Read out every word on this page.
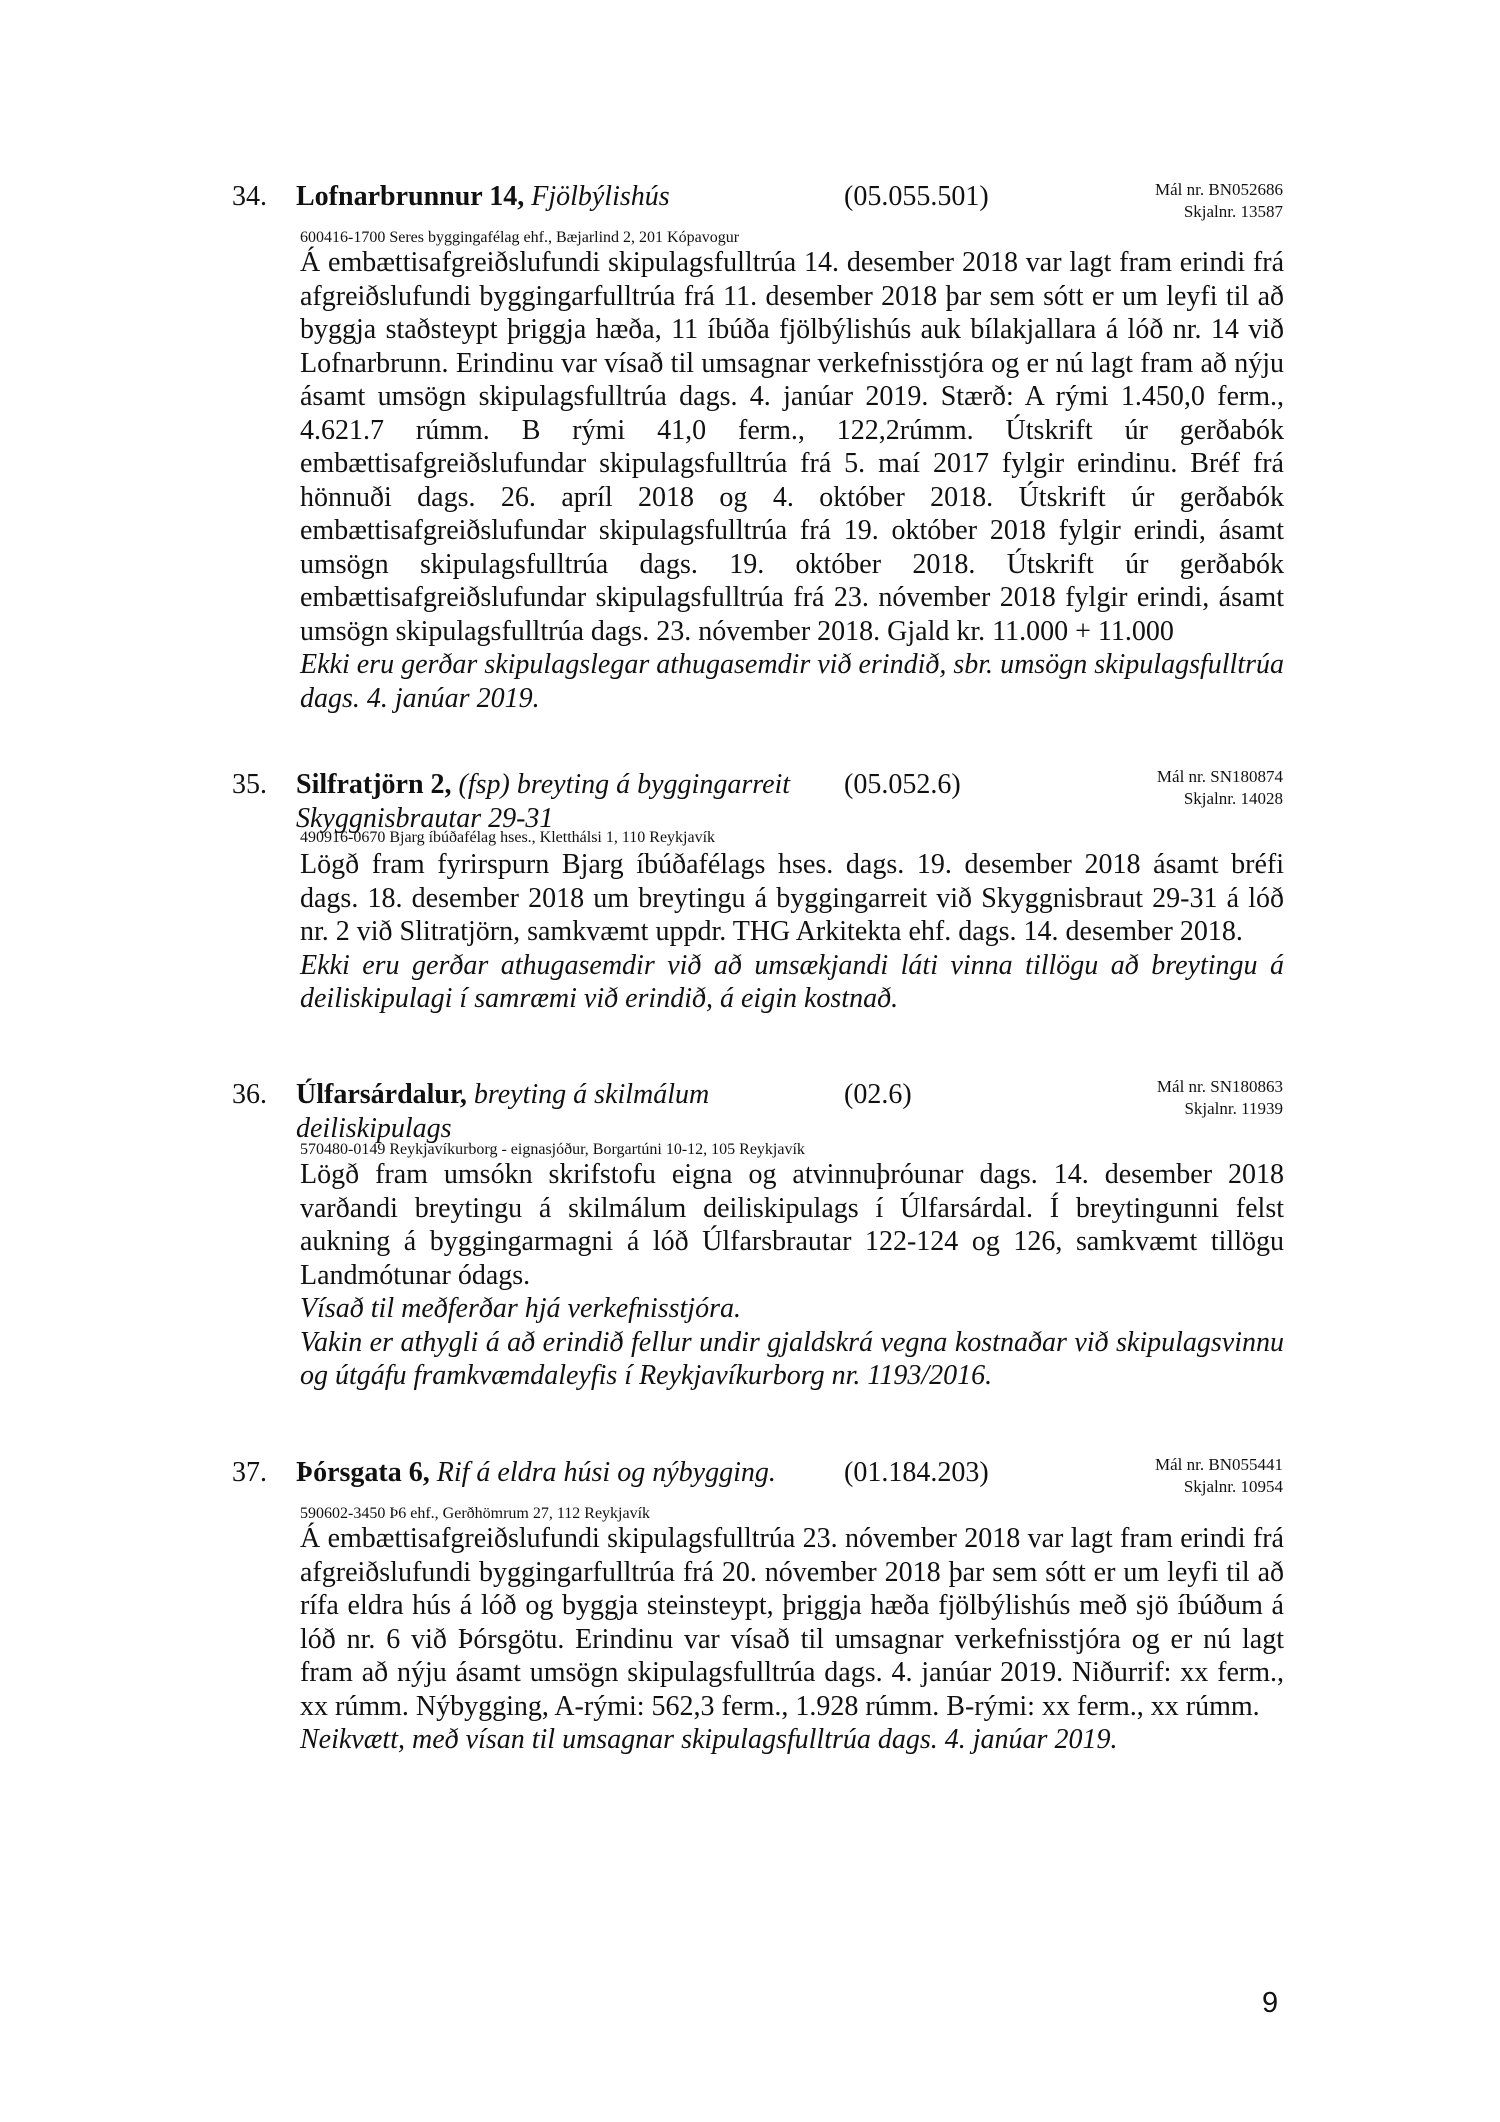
34. Lofnarbrunnur 14, Fjölbýlishús	(05.055.501)	Mál nr. BN052686
Skjalnr. 13587
600416-1700 Seres byggingafélag ehf., Bæjarlind 2, 201 Kópavogur

Á embættisafgreiðslufundi skipulagsfulltrúa 14. desember 2018 var lagt fram erindi frá afgreiðslufundi byggingarfulltrúa frá 11. desember 2018 þar sem sótt er um leyfi til að byggja staðsteypt þriggja hæða, 11 íbúða fjölbýlishús auk bílakjallara á lóð nr. 14 við Lofnarbrunn. Erindinu var vísað til umsagnar verkefnisstjóra og er nú lagt fram að nýju ásamt umsögn skipulagsfulltrúa dags. 4. janúar 2019. Stærð: A rými 1.450,0 ferm., 4.621.7 rúmm. B rými 41,0 ferm., 122,2rúmm. Útskrift úr gerðabók embættisafgreiðslufundar skipulagsfulltrúa frá 5. maí 2017 fylgir erindinu. Bréf frá hönnuði dags. 26. apríl 2018 og 4. október 2018. Útskrift úr gerðabók embættisafgreiðslufundar skipulagsfulltrúa frá 19. október 2018 fylgir erindi, ásamt umsögn skipulagsfulltrúa dags. 19. október 2018. Útskrift úr gerðabók embættisafgreiðslufundar skipulagsfulltrúa frá 23. nóvember 2018 fylgir erindi, ásamt umsögn skipulagsfulltrúa dags. 23. nóvember 2018. Gjald kr. 11.000 + 11.000

Ekki eru gerðar skipulagslegar athugasemdir við erindið, sbr. umsögn skipulagsfulltrúa dags. 4. janúar 2019.

35. Silfratjörn 2, (fsp) breyting á byggingarreit Skyggnisbrautar 29-31
(05.052.6)	Mál nr. SN180874
Skjalnr. 14028
490916-0670 Bjarg íbúðafélag hses., Kletthálsi 1, 110 Reykjavík

Lögð fram fyrirspurn Bjarg íbúðafélags hses. dags. 19. desember 2018 ásamt bréfi dags. 18. desember 2018 um breytingu á byggingarreit við Skyggnisbraut 29-31 á lóð nr. 2 við Slitratjörn, samkvæmt uppdr. THG Arkitekta ehf. dags. 14. desember 2018.

Ekki eru gerðar athugasemdir við að umsækjandi láti vinna tillögu að breytingu á deiliskipulagi í samræmi við erindið, á eigin kostnað.

36. Úlfarsárdalur, breyting á skilmálum deiliskipulags
(02.6)	Mál nr. SN180863
Skjalnr. 11939
570480-0149 Reykjavíkurborg - eignasjóður, Borgartúni 10-12, 105 Reykjavík

Lögð fram umsókn skrifstofu eigna og atvinnuþróunar dags. 14. desember 2018 varðandi breytingu á skilmálum deiliskipulags í Úlfarsárdal. Í breytingunni felst aukning á byggingarmagni á lóð Úlfarsbrautar 122-124 og 126, samkvæmt tillögu Landmótunar ódags.

Vísað til meðferðar hjá verkefnisstjóra.

Vakin er athygli á að erindið fellur undir gjaldskrá vegna kostnaðar við skipulagsvinnu og útgáfu framkvæmdaleyfis í Reykjavíkurborg nr. 1193/2016.

37. Þórsgata 6, Rif á eldra húsi og nýbygging.	(01.184.203)	Mál nr. BN055441
Skjalnr. 10954
590602-3450 Þ6 ehf., Gerðhömrum 27, 112 Reykjavík

Á embættisafgreiðslufundi skipulagsfulltrúa 23. nóvember 2018 var lagt fram erindi frá afgreiðslufundi byggingarfulltrúa frá 20. nóvember 2018 þar sem sótt er um leyfi til að rífa eldra hús á lóð og byggja steinsteypt, þriggja hæða fjölbýlishús með sjö íbúðum á lóð nr. 6 við Þórsgötu. Erindinu var vísað til umsagnar verkefnisstjóra og er nú lagt fram að nýju ásamt umsögn skipulagsfulltrúa dags. 4. janúar 2019. Niðurrif: xx ferm., xx rúmm. Nýbygging, A-rými: 562,3 ferm., 1.928 rúmm. B-rými: xx ferm., xx rúmm.

Neikvætt, með vísan til umsagnar skipulagsfulltrúa dags. 4. janúar 2019.

9
